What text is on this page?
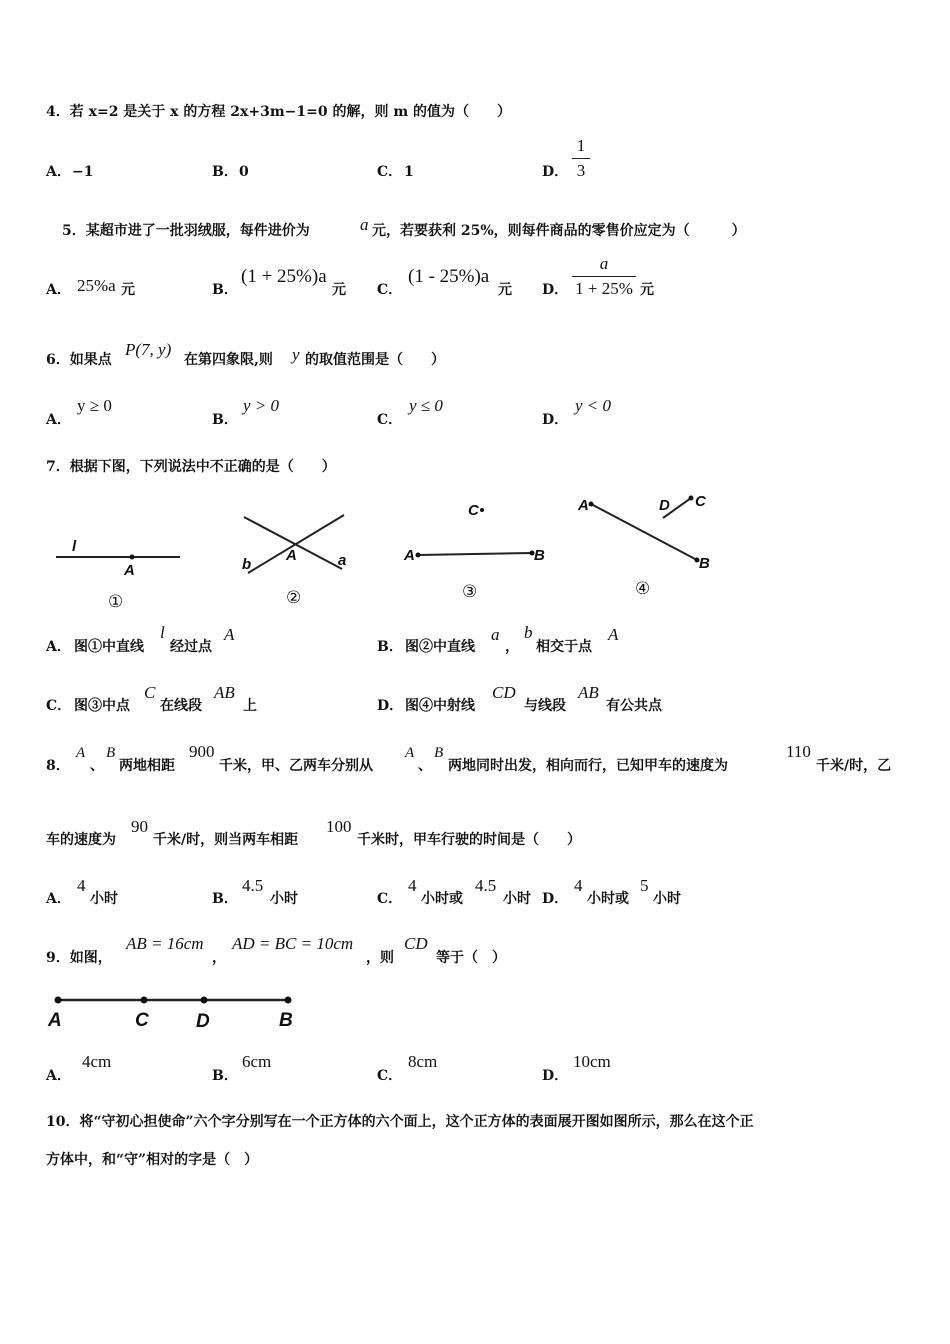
4．若 x=2 是关于 x 的方程 2x+3m−1=0 的解，则 m 的值为（　　）
A． −1	B． 0	C． 1	D．
1
3
5．某超市进了一批羽绒服，每件进价为	a 元，若要获利 25%，则每件商品的零售价应定为（　　　）
A． 25%a 元	B．
(1 + 25%)a
元 C．
(1 - 25%)a
元 D．
a
1 + 25% 元
6．如果点
P(7, y)
在第四象限,则 y 的取值范围是（　　）
A．
y ≥ 0
B．
y > 0
C．
y ≤ 0
D．
y < 0
7．根据下图，下列说法中不正确的是（　　）
l
A
①
b
A	a
②
C
A	B
③
A	D C
B
④
A． 图①中直线
l
经过点
A
B． 图②中直线
a
，
b
相交于点
A
C． 图③中点
C
在线段
AB
上	D． 图④中射线
CD
与线段
AB
有公共点
8．
A
、
B
两地相距
900
千米，甲、乙两车分别从
A
、
B
两地同时出发，相向而行，已知甲车的速度为
110
千米/时，乙
车的速度为
90
千米/时，则当两车相距
100
千米时，甲车行驶的时间是（　　）
A．
4
小时	B．
4.5
小时	C．
4
小时或
4.5
小时 D．
4
小时或
5
小时
9．如图，
AB = 16cm
，
AD = BC = 10cm
，则
CD
等于（　）
A	C D	B
A．
4cm
B．
6cm
C．
8cm
D．
10cm
10．将“守初心担使命”六个字分别写在一个正方体的六个面上，这个正方体的表面展开图如图所示，那么在这个正
方体中，和“守”相对的字是（　）
